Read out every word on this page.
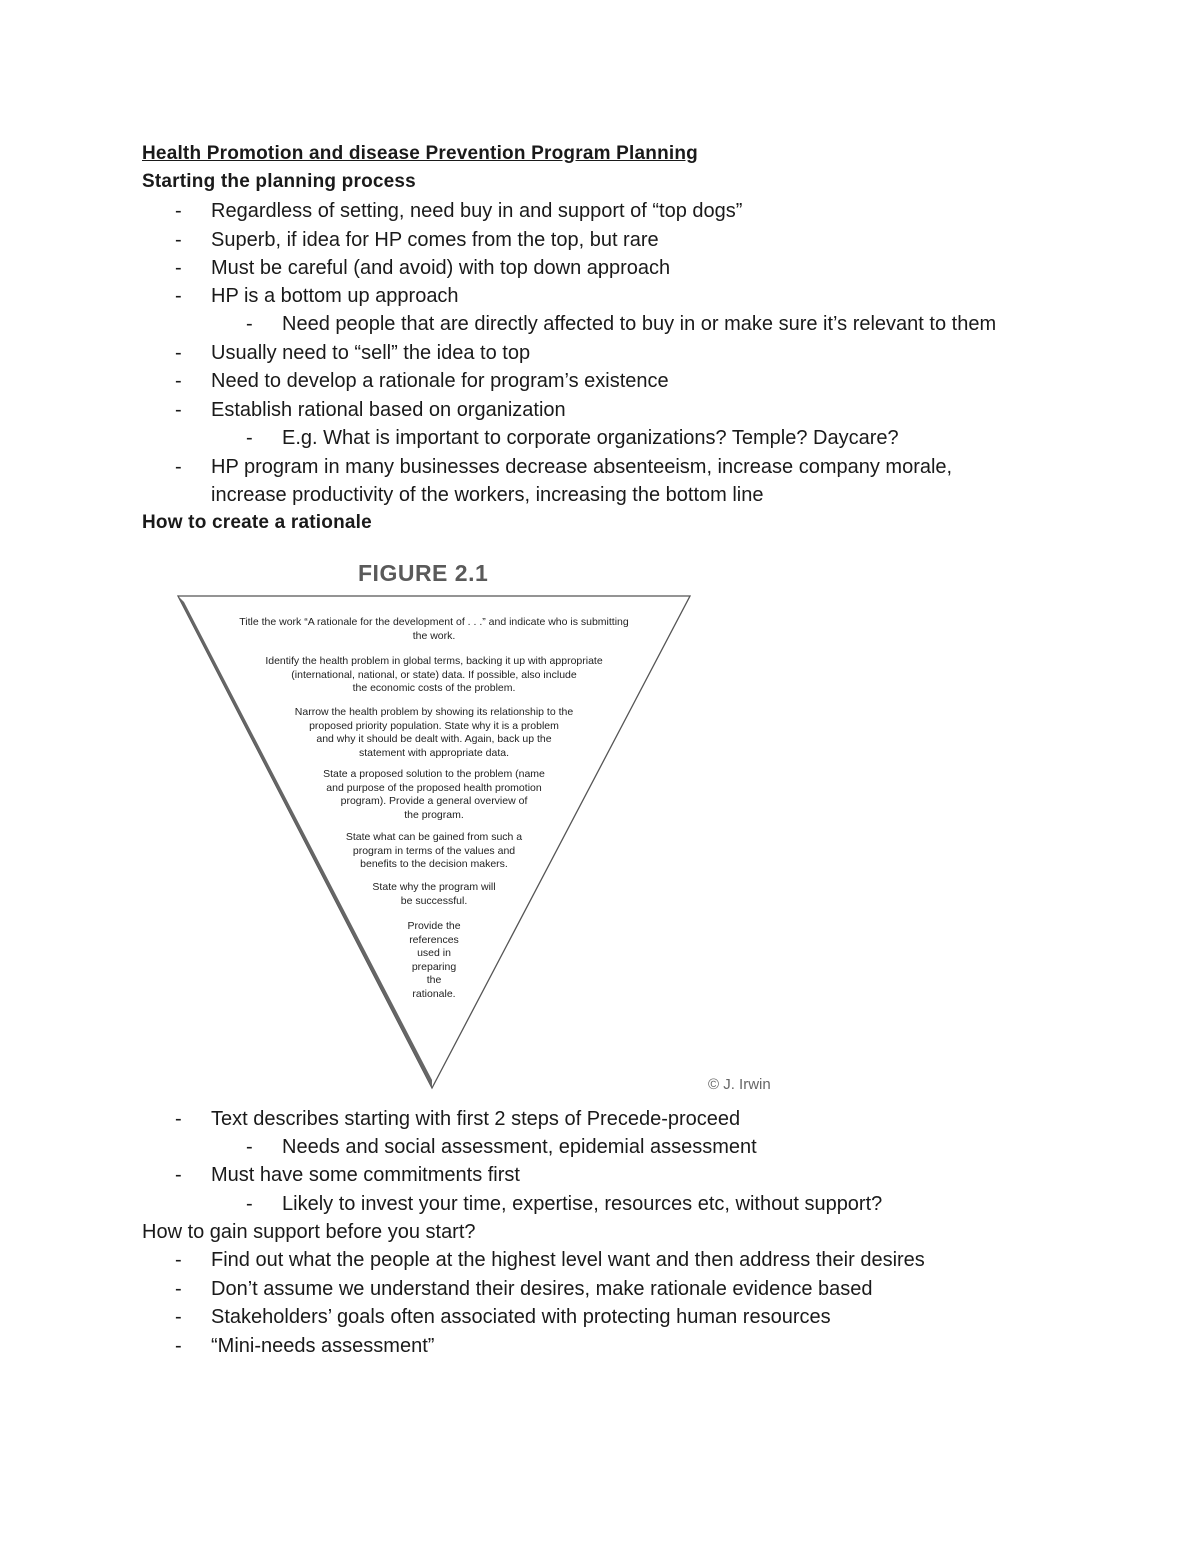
Health Promotion and disease Prevention Program Planning
Starting the planning process
- Regardless of setting, need buy in and support of “top dogs”
- Superb, if idea for HP comes from the top, but rare
- Must be careful (and avoid) with top down approach
- HP is a bottom up approach
- Need people that are directly affected to buy in or make sure it’s relevant to them
- Usually need to “sell” the idea to top
- Need to develop a rationale for program’s existence
- Establish rational based on organization
- E.g. What is important to corporate organizations? Temple? Daycare?
- HP program in many businesses decrease absenteeism, increase company morale,
increase productivity of the workers, increasing the bottom line
How to create a rationale
FIGURE 2.1
Title the work “A rationale for the development of . . .” and indicate who is submitting
the work.
Identify the health problem in global terms, backing it up with appropriate
(international, national, or state) data. If possible, also include
the economic costs of the problem.
Narrow the health problem by showing its relationship to the
proposed priority population. State why it is a problem
and why it should be dealt with. Again, back up the
statement with appropriate data.
State a proposed solution to the problem (name
and purpose of the proposed health promotion
program). Provide a general overview of
the program.
State what can be gained from such a
program in terms of the values and
benefits to the decision makers.
State why the program will
be successful.
Provide the
references
used in
preparing
the
rationale.
© J. Irwin
- Text describes starting with first 2 steps of Precede-proceed
- Needs and social assessment, epidemial assessment
- Must have some commitments first
- Likely to invest your time, expertise, resources etc, without support?
How to gain support before you start?
- Find out what the people at the highest level want and then address their desires
- Don’t assume we understand their desires, make rationale evidence based
- Stakeholders’ goals often associated with protecting human resources
- “Mini-needs assessment”
